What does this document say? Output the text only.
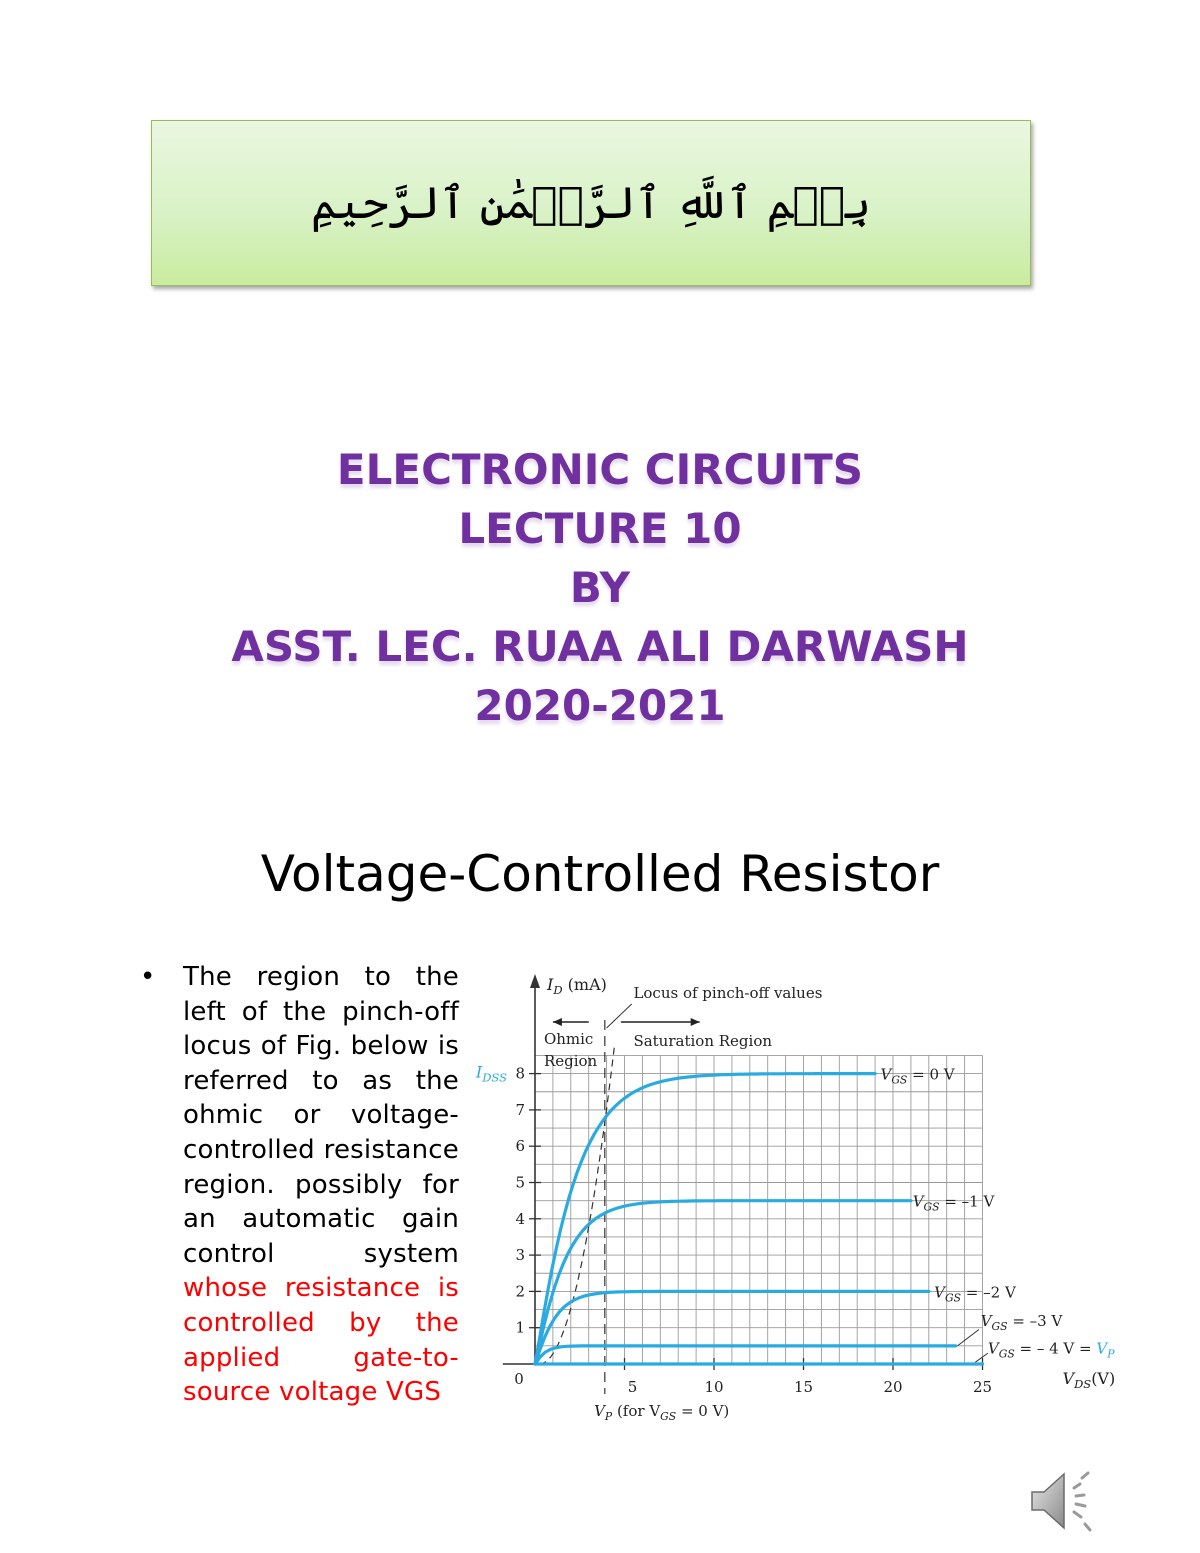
بِسۡمِ ٱللَّهِ ٱلرَّحۡمَٰنِ ٱلرَّحِيمِ
ELECTRONIC CIRCUITS
LECTURE 10
BY
ASST. LEC. RUAA ALI DARWASH
2020-2021
Voltage-Controlled Resistor
• The region to the left of the pinch-off locus of Fig. below is referred to as the ohmic or voltage-controlled resistance region. possibly for an automatic gain control system whose resistance is controlled by the applied gate-to-source voltage VGS
1
2
3
4
5
6
7
8
5	10	15	20	25
0
$I_D$ (mA)
$V_{DS}(V)$
$I_{DSS}$
Locus of pinch-off values
Ohmic
Region
Saturation Region
$V_P$ (for $V_{GS} = 0$ V)
$V_{GS} = 0$ V
$V_{GS} = -1$ V
$V_{GS} = -2$ V
$V_{GS} = -3$ V
$V_{GS}$ = – 4 $V = V_P$
